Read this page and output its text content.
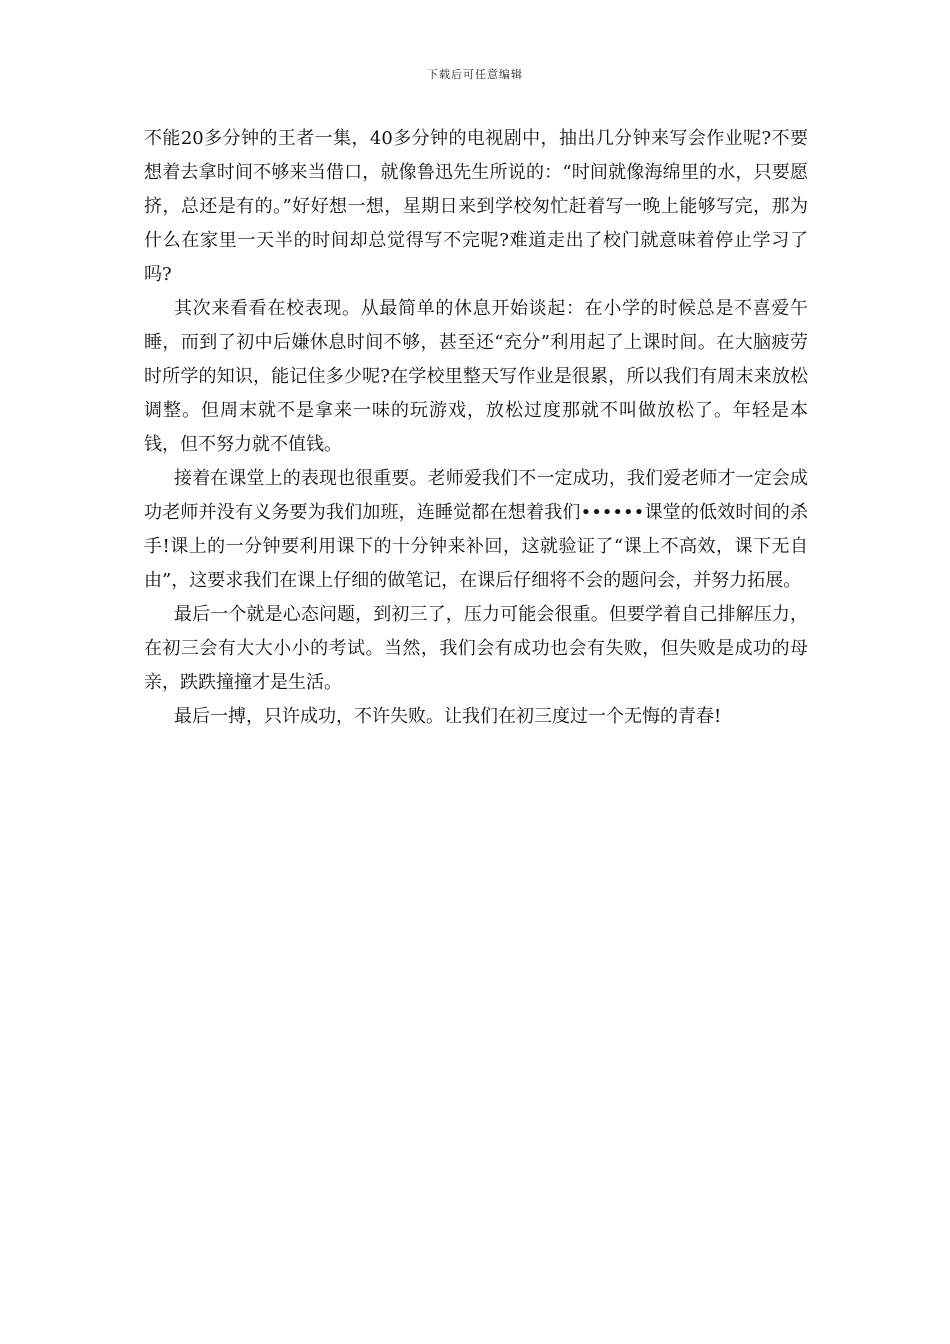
下载后可任意编辑

不能20多分钟的王者一集，40多分钟的电视剧中，抽出几分钟来写会作业呢?不要想着去拿时间不够来当借口，就像鲁迅先生所说的：“时间就像海绵里的水，只要愿挤，总还是有的。”好好想一想，星期日来到学校匆忙赶着写一晚上能够写完，那为什么在家里一天半的时间却总觉得写不完呢?难道走出了校门就意味着停止学习了吗?

其次来看看在校表现。从最简单的休息开始谈起：在小学的时候总是不喜爱午睡，而到了初中后嫌休息时间不够，甚至还“充分”利用起了上课时间。在大脑疲劳时所学的知识，能记住多少呢?在学校里整天写作业是很累，所以我们有周末来放松调整。但周末就不是拿来一味的玩游戏，放松过度那就不叫做放松了。年轻是本钱，但不努力就不值钱。

接着在课堂上的表现也很重要。老师爱我们不一定成功，我们爱老师才一定会成功老师并没有义务要为我们加班，连睡觉都在想着我们••••••课堂的低效时间的杀手!课上的一分钟要利用课下的十分钟来补回，这就验证了“课上不高效，课下无自由”，这要求我们在课上仔细的做笔记，在课后仔细将不会的题问会，并努力拓展。

最后一个就是心态问题，到初三了，压力可能会很重。但要学着自己排解压力，在初三会有大大小小的考试。当然，我们会有成功也会有失败，但失败是成功的母亲，跌跌撞撞才是生活。

最后一搏，只许成功，不许失败。让我们在初三度过一个无悔的青春!
